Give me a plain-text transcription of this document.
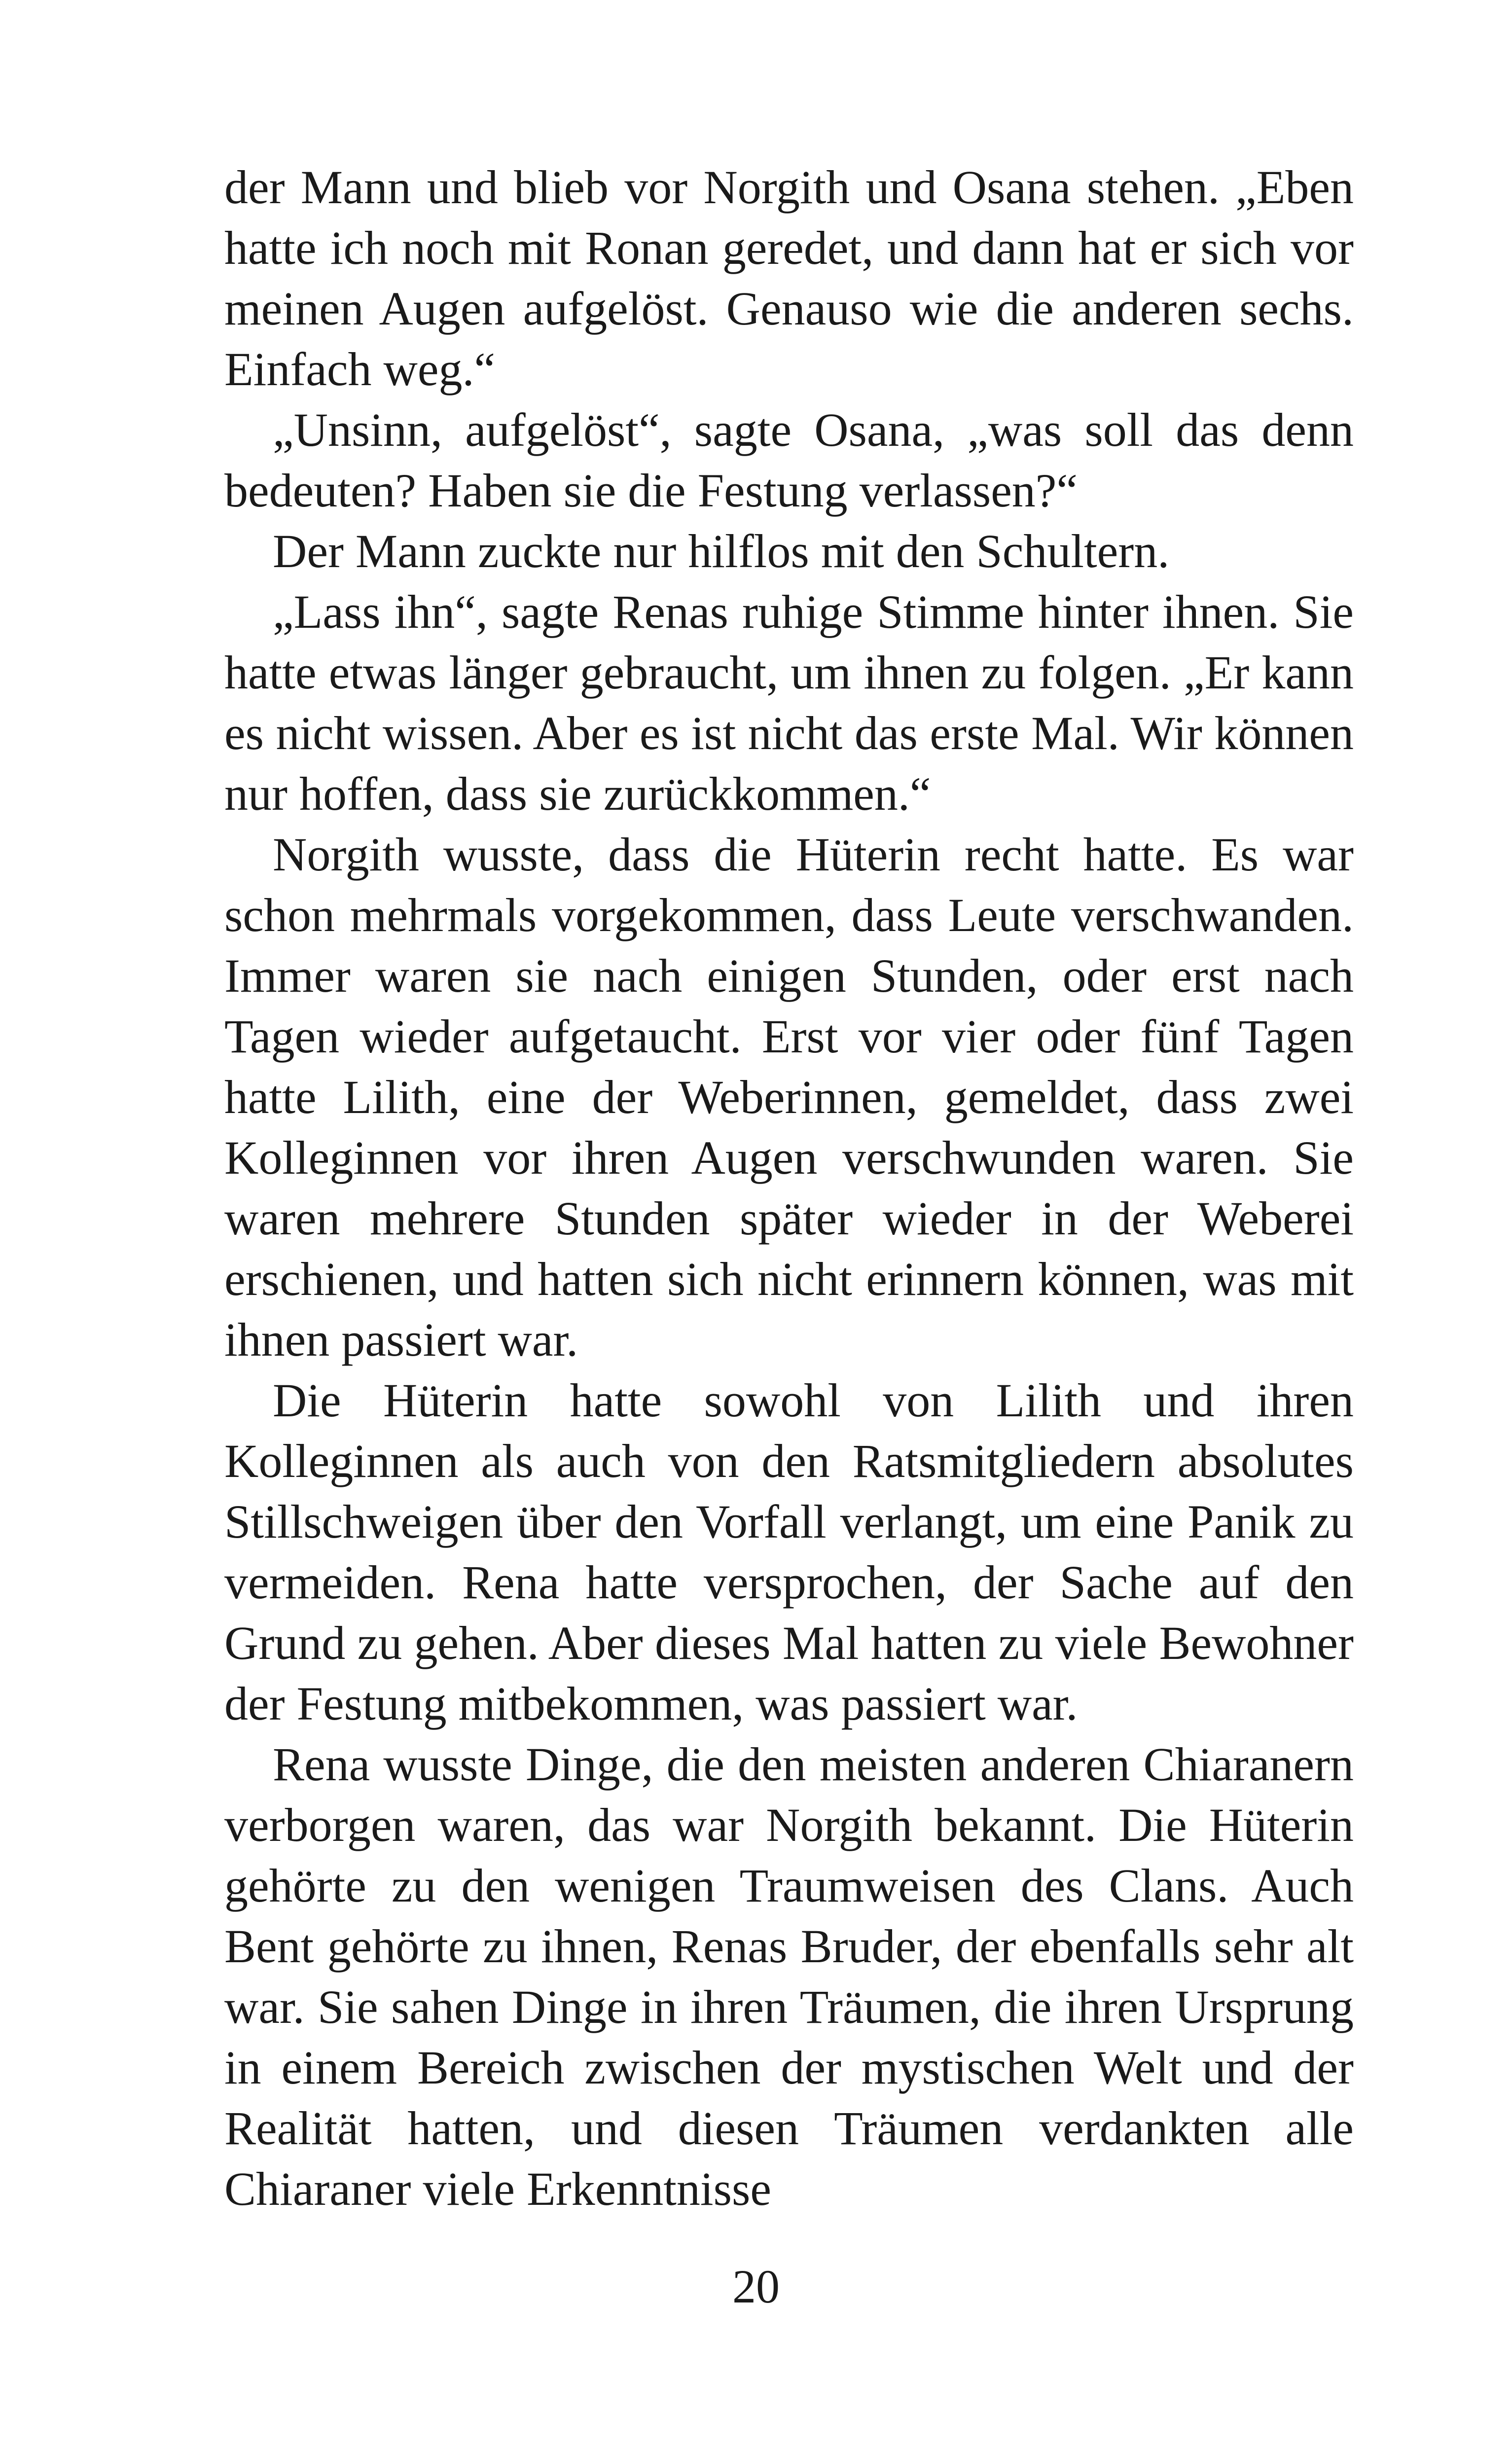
der Mann und blieb vor Norgith und Osana stehen. „Eben hatte ich noch mit Ronan geredet, und dann hat er sich vor meinen Augen aufgelöst. Genauso wie die anderen sechs. Einfach weg.“

„Unsinn, aufgelöst“, sagte Osana, „was soll das denn bedeuten? Haben sie die Festung verlassen?“

Der Mann zuckte nur hilflos mit den Schultern.

„Lass ihn“, sagte Renas ruhige Stimme hinter ihnen. Sie hatte etwas länger gebraucht, um ihnen zu folgen. „Er kann es nicht wissen. Aber es ist nicht das erste Mal. Wir können nur hoffen, dass sie zurückkommen.“

Norgith wusste, dass die Hüterin recht hatte. Es war schon mehrmals vorgekommen, dass Leute verschwanden. Immer waren sie nach einigen Stunden, oder erst nach Tagen wieder aufgetaucht. Erst vor vier oder fünf Tagen hatte Lilith, eine der Weberinnen, gemeldet, dass zwei Kolleginnen vor ihren Augen verschwunden waren. Sie waren mehrere Stunden später wieder in der Weberei erschienen, und hatten sich nicht erinnern können, was mit ihnen passiert war.

Die Hüterin hatte sowohl von Lilith und ihren Kolleginnen als auch von den Ratsmitgliedern absolutes Stillschweigen über den Vorfall verlangt, um eine Panik zu vermeiden. Rena hatte versprochen, der Sache auf den Grund zu gehen. Aber dieses Mal hatten zu viele Bewohner der Festung mitbekommen, was passiert war.

Rena wusste Dinge, die den meisten anderen Chiaranern verborgen waren, das war Norgith bekannt. Die Hüterin gehörte zu den wenigen Traumweisen des Clans. Auch Bent gehörte zu ihnen, Renas Bruder, der ebenfalls sehr alt war. Sie sahen Dinge in ihren Träumen, die ihren Ursprung in einem Bereich zwischen der mystischen Welt und der Realität hatten, und diesen Träumen verdankten alle Chiaraner viele Erkenntnisse

20
